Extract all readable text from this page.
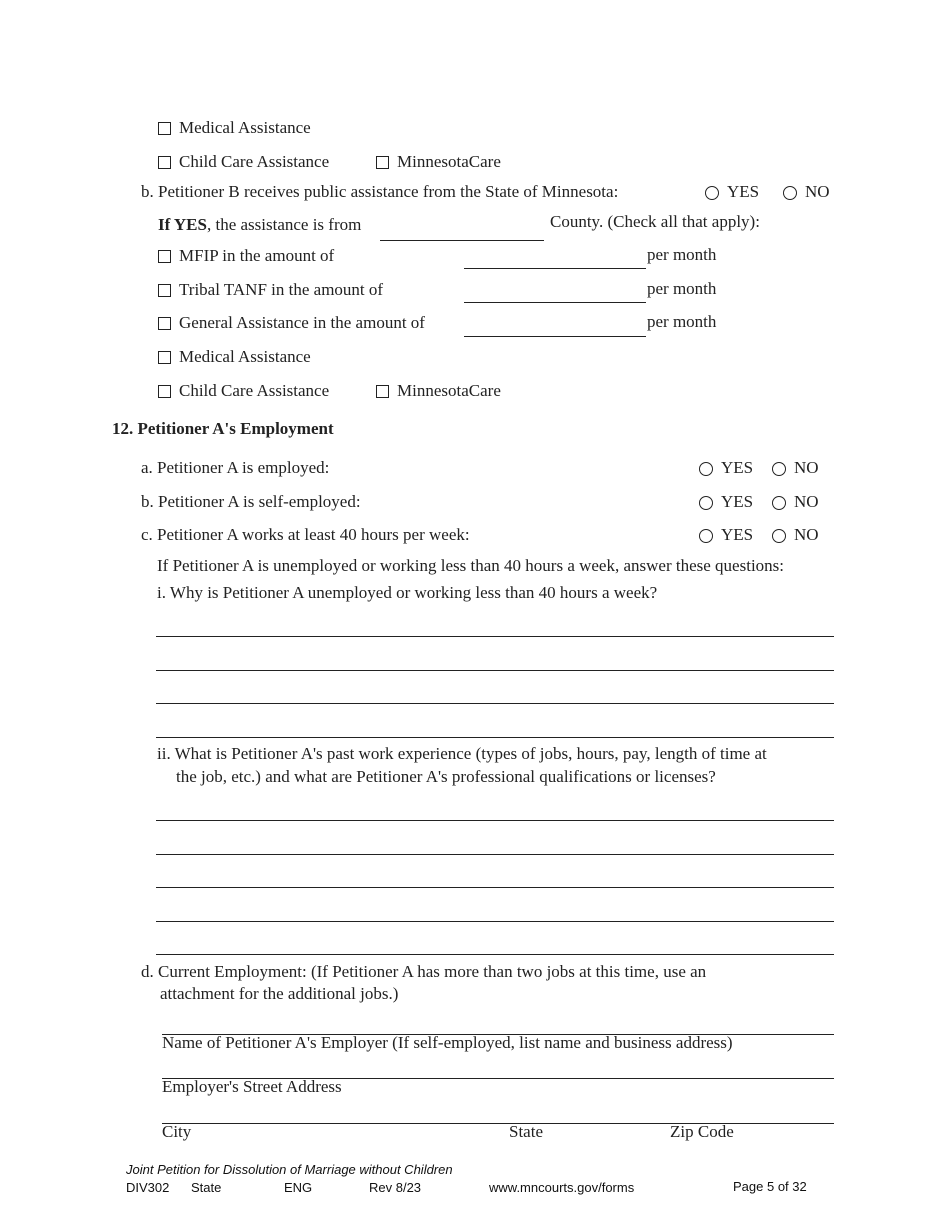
Medical Assistance
Child Care Assistance	MinnesotaCare
b. Petitioner B receives public assistance from the State of Minnesota:	YES	NO
If YES, the assistance is from	County. (Check all that apply):
MFIP in the amount of	per month
Tribal TANF in the amount of	per month
General Assistance in the amount of	per month
Medical Assistance
Child Care Assistance	MinnesotaCare
12. Petitioner A's Employment
a. Petitioner A is employed:	YES NO
b. Petitioner A is self-employed:	YES NO
c. Petitioner A works at least 40 hours per week:	YES NO
If Petitioner A is unemployed or working less than 40 hours a week, answer these questions:
i. Why is Petitioner A unemployed or working less than 40 hours a week?
ii. What is Petitioner A's past work experience (types of jobs, hours, pay, length of time at
the job, etc.) and what are Petitioner A's professional qualifications or licenses?
d. Current Employment: (If Petitioner A has more than two jobs at this time, use an
attachment for the additional jobs.)
Name of Petitioner A's Employer (If self-employed, list name and business address)
Employer's Street Address
City	State	Zip Code
Joint Petition for Dissolution of Marriage without Children
DIV302 State	ENG	Rev 8/23	www.mncourts.gov/forms	Page 5 of 32
